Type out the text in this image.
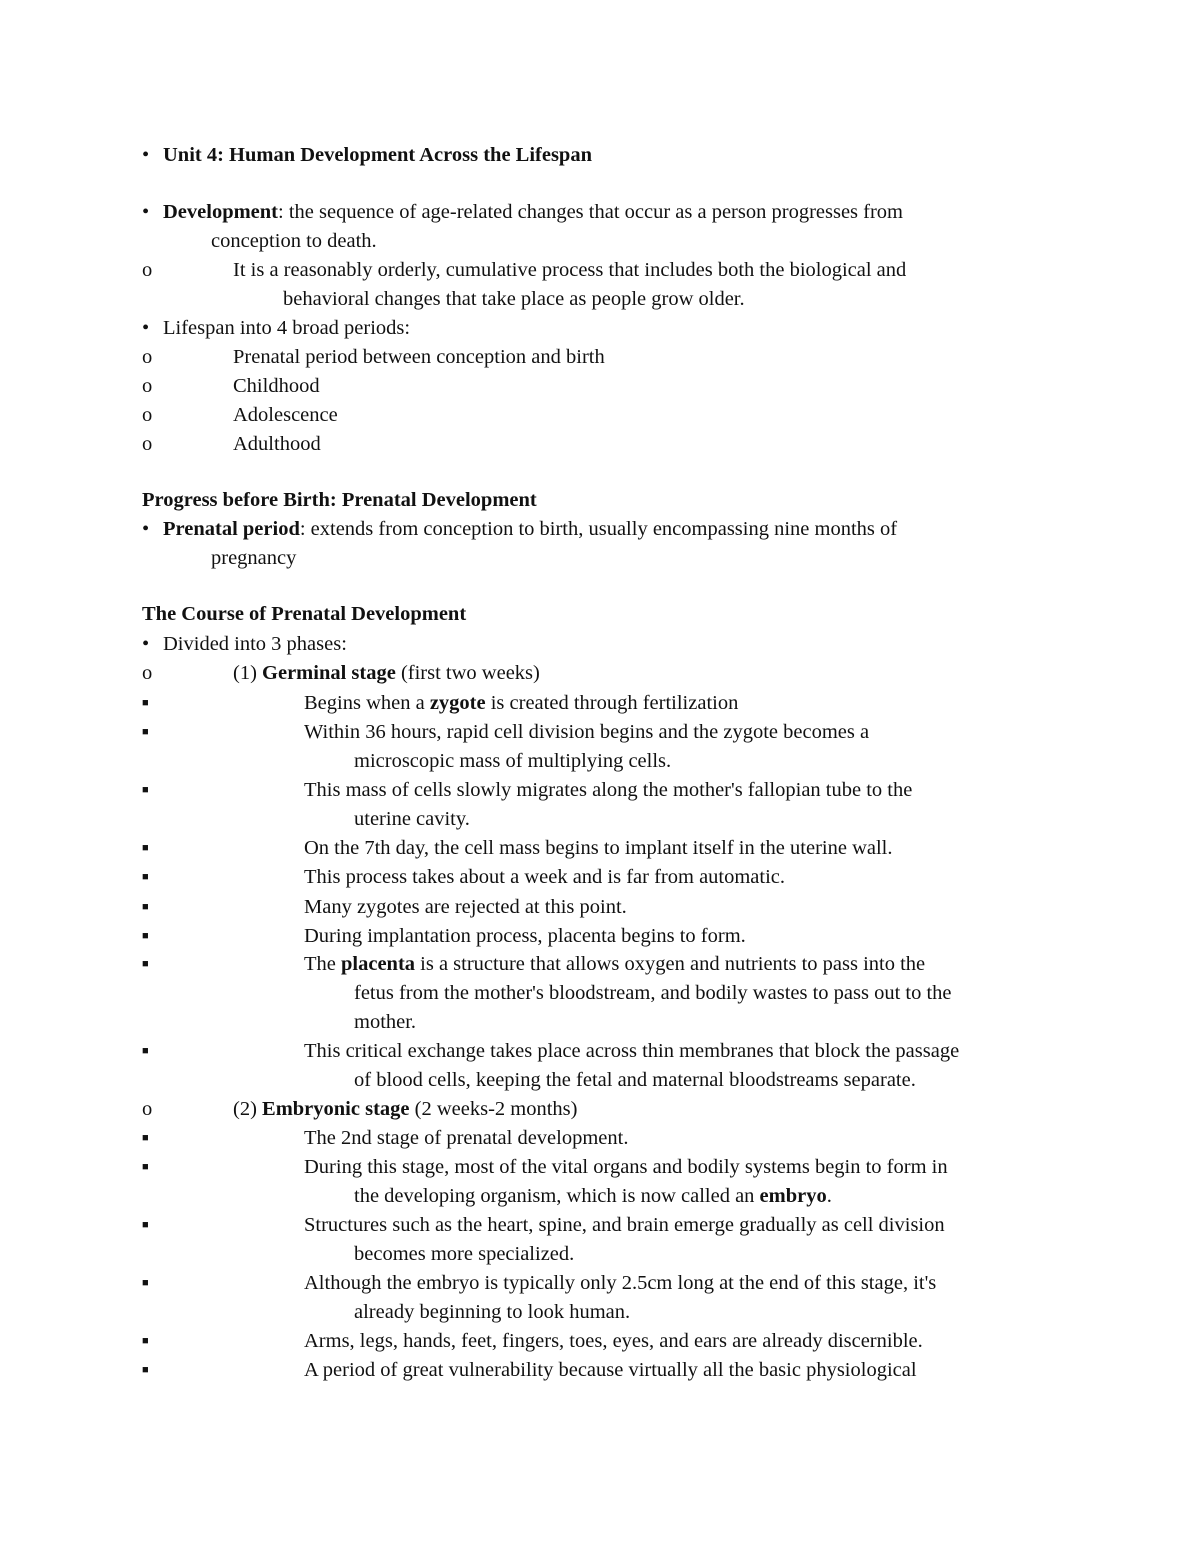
•
Unit 4: Human Development Across the Lifespan
•
Development: the sequence of age-related changes that occur as a person progresses from
conception to death.
o
It is a reasonably orderly, cumulative process that includes both the biological and
behavioral changes that take place as people grow older.
•
Lifespan into 4 broad periods:
o
Prenatal period between conception and birth
o
Childhood
o
Adolescence
o
Adulthood
Progress before Birth: Prenatal Development
•
Prenatal period: extends from conception to birth, usually encompassing nine months of
pregnancy
The Course of Prenatal Development
•
Divided into 3 phases:
o
(1) Germinal stage (first two weeks)
■
Begins when a zygote is created through fertilization
■
Within 36 hours, rapid cell division begins and the zygote becomes a
microscopic mass of multiplying cells.
■
This mass of cells slowly migrates along the mother's fallopian tube to the
uterine cavity.
■
On the 7th day, the cell mass begins to implant itself in the uterine wall.
■
This process takes about a week and is far from automatic.
■
Many zygotes are rejected at this point.
■
During implantation process, placenta begins to form.
■
The placenta is a structure that allows oxygen and nutrients to pass into the
fetus from the mother's bloodstream, and bodily wastes to pass out to the
mother.
■
This critical exchange takes place across thin membranes that block the passage
of blood cells, keeping the fetal and maternal bloodstreams separate.
o
(2) Embryonic stage (2 weeks-2 months)
■
The 2nd stage of prenatal development.
■
During this stage, most of the vital organs and bodily systems begin to form in
the developing organism, which is now called an embryo.
■
Structures such as the heart, spine, and brain emerge gradually as cell division
becomes more specialized.
■
Although the embryo is typically only 2.5cm long at the end of this stage, it's
already beginning to look human.
■
Arms, legs, hands, feet, fingers, toes, eyes, and ears are already discernible.
■
A period of great vulnerability because virtually all the basic physiological
